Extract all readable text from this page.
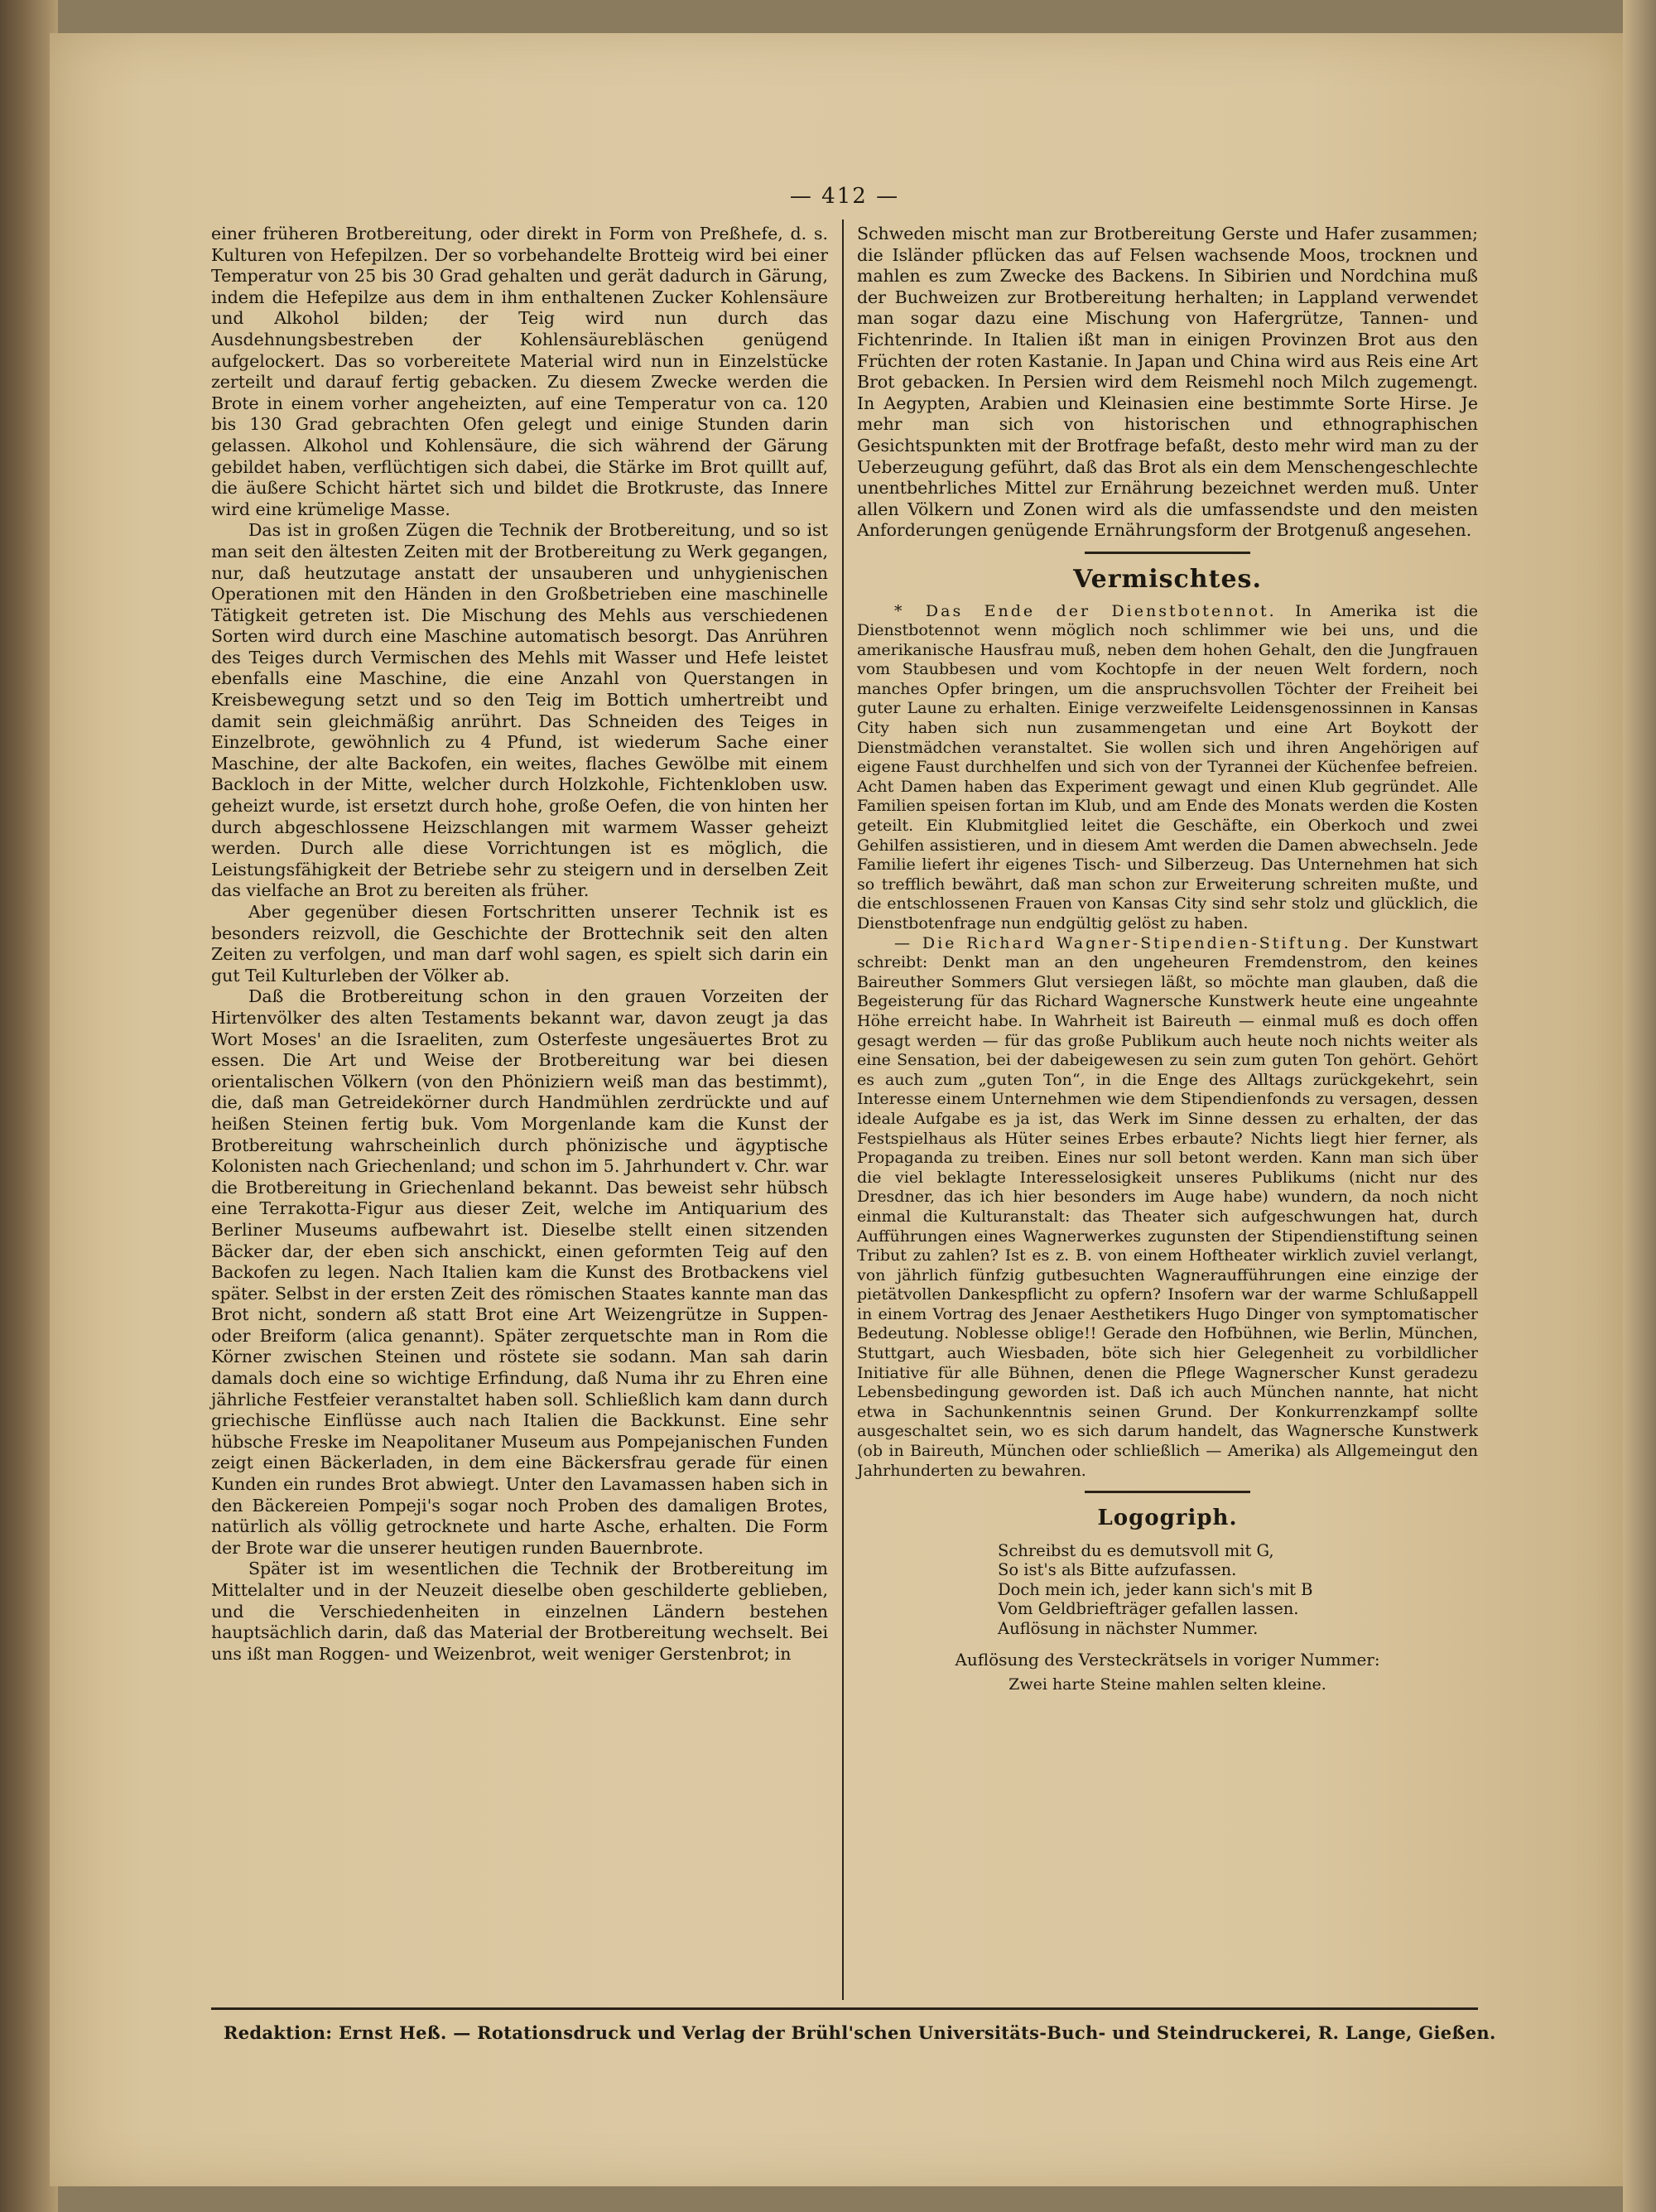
— 412 —

einer früheren Brotbereitung, oder direkt in Form von Preßhefe, d. s. Kulturen von Hefepilzen. Der so vorbehandelte Brotteig wird bei einer Temperatur von 25 bis 30 Grad gehalten und gerät dadurch in Gärung, indem die Hefepilze aus dem in ihm enthaltenen Zucker Kohlensäure und Alkohol bilden; der Teig wird nun durch das Ausdehnungsbestreben der Kohlensäurebläschen genügend aufgelockert. Das so vorbereitete Material wird nun in Einzelstücke zerteilt und darauf fertig gebacken. Zu diesem Zwecke werden die Brote in einem vorher angeheizten, auf eine Temperatur von ca. 120 bis 130 Grad gebrachten Ofen gelegt und einige Stunden darin gelassen. Alkohol und Kohlensäure, die sich während der Gärung gebildet haben, verflüchtigen sich dabei, die Stärke im Brot quillt auf, die äußere Schicht härtet sich und bildet die Brotkruste, das Innere wird eine krümelige Masse.

Das ist in großen Zügen die Technik der Brotbereitung, und so ist man seit den ältesten Zeiten mit der Brotbereitung zu Werk gegangen, nur, daß heutzutage anstatt der unsauberen und unhygienischen Operationen mit den Händen in den Großbetrieben eine maschinelle Tätigkeit getreten ist. Die Mischung des Mehls aus verschiedenen Sorten wird durch eine Maschine automatisch besorgt. Das Anrühren des Teiges durch Vermischen des Mehls mit Wasser und Hefe leistet ebenfalls eine Maschine, die eine Anzahl von Querstangen in Kreisbewegung setzt und so den Teig im Bottich umhertreibt und damit sein gleichmäßig anrührt. Das Schneiden des Teiges in Einzelbrote, gewöhnlich zu 4 Pfund, ist wiederum Sache einer Maschine, der alte Backofen, ein weites, flaches Gewölbe mit einem Backloch in der Mitte, welcher durch Holzkohle, Fichtenkloben usw. geheizt wurde, ist ersetzt durch hohe, große Oefen, die von hinten her durch abgeschlossene Heizschlangen mit warmem Wasser geheizt werden. Durch alle diese Vorrichtungen ist es möglich, die Leistungsfähigkeit der Betriebe sehr zu steigern und in derselben Zeit das vielfache an Brot zu bereiten als früher.

Aber gegenüber diesen Fortschritten unserer Technik ist es besonders reizvoll, die Geschichte der Brottechnik seit den alten Zeiten zu verfolgen, und man darf wohl sagen, es spielt sich darin ein gut Teil Kulturleben der Völker ab.

Daß die Brotbereitung schon in den grauen Vorzeiten der Hirtenvölker des alten Testaments bekannt war, davon zeugt ja das Wort Moses' an die Israeliten, zum Osterfeste ungesäuertes Brot zu essen. Die Art und Weise der Brotbereitung war bei diesen orientalischen Völkern (von den Phöniziern weiß man das bestimmt), die, daß man Getreidekörner durch Handmühlen zerdrückte und auf heißen Steinen fertig buk. Vom Morgenlande kam die Kunst der Brotbereitung wahrscheinlich durch phönizische und ägyptische Kolonisten nach Griechenland; und schon im 5. Jahrhundert v. Chr. war die Brotbereitung in Griechenland bekannt. Das beweist sehr hübsch eine Terrakotta-Figur aus dieser Zeit, welche im Antiquarium des Berliner Museums aufbewahrt ist. Dieselbe stellt einen sitzenden Bäcker dar, der eben sich anschickt, einen geformten Teig auf den Backofen zu legen. Nach Italien kam die Kunst des Brotbackens viel später. Selbst in der ersten Zeit des römischen Staates kannte man das Brot nicht, sondern aß statt Brot eine Art Weizengrütze in Suppen- oder Breiform (alica genannt). Später zerquetschte man in Rom die Körner zwischen Steinen und röstete sie sodann. Man sah darin damals doch eine so wichtige Erfindung, daß Numa ihr zu Ehren eine jährliche Festfeier veranstaltet haben soll. Schließlich kam dann durch griechische Einflüsse auch nach Italien die Backkunst. Eine sehr hübsche Freske im Neapolitaner Museum aus Pompejanischen Funden zeigt einen Bäckerladen, in dem eine Bäckersfrau gerade für einen Kunden ein rundes Brot abwiegt. Unter den Lavamassen haben sich in den Bäckereien Pompeji's sogar noch Proben des damaligen Brotes, natürlich als völlig getrocknete und harte Asche, erhalten. Die Form der Brote war die unserer heutigen runden Bauernbrote.

Später ist im wesentlichen die Technik der Brotbereitung im Mittelalter und in der Neuzeit dieselbe oben geschilderte geblieben, und die Verschiedenheiten in einzelnen Ländern bestehen hauptsächlich darin, daß das Material der Brotbereitung wechselt. Bei uns ißt man Roggen- und Weizenbrot, weit weniger Gerstenbrot; in

Schweden mischt man zur Brotbereitung Gerste und Hafer zusammen; die Isländer pflücken das auf Felsen wachsende Moos, trocknen und mahlen es zum Zwecke des Backens. In Sibirien und Nordchina muß der Buchweizen zur Brotbereitung herhalten; in Lappland verwendet man sogar dazu eine Mischung von Hafergrütze, Tannen- und Fichtenrinde. In Italien ißt man in einigen Provinzen Brot aus den Früchten der roten Kastanie. In Japan und China wird aus Reis eine Art Brot gebacken. In Persien wird dem Reismehl noch Milch zugemengt. In Aegypten, Arabien und Kleinasien eine bestimmte Sorte Hirse. Je mehr man sich von historischen und ethnographischen Gesichtspunkten mit der Brotfrage befaßt, desto mehr wird man zu der Ueberzeugung geführt, daß das Brot als ein dem Menschengeschlechte unentbehrliches Mittel zur Ernährung bezeichnet werden muß. Unter allen Völkern und Zonen wird als die umfassendste und den meisten Anforderungen genügende Ernährungsform der Brotgenuß angesehen.

Vermischtes.

* Das Ende der Dienstbotennot. In Amerika ist die Dienstbotennot wenn möglich noch schlimmer wie bei uns, und die amerikanische Hausfrau muß, neben dem hohen Gehalt, den die Jungfrauen vom Staubbesen und vom Kochtopfe in der neuen Welt fordern, noch manches Opfer bringen, um die anspruchsvollen Töchter der Freiheit bei guter Laune zu erhalten. Einige verzweifelte Leidensgenossinnen in Kansas City haben sich nun zusammengetan und eine Art Boykott der Dienstmädchen veranstaltet. Sie wollen sich und ihren Angehörigen auf eigene Faust durchhelfen und sich von der Tyrannei der Küchenfee befreien. Acht Damen haben das Experiment gewagt und einen Klub gegründet. Alle Familien speisen fortan im Klub, und am Ende des Monats werden die Kosten geteilt. Ein Klubmitglied leitet die Geschäfte, ein Oberkoch und zwei Gehilfen assistieren, und in diesem Amt werden die Damen abwechseln. Jede Familie liefert ihr eigenes Tisch- und Silberzeug. Das Unternehmen hat sich so trefflich bewährt, daß man schon zur Erweiterung schreiten mußte, und die entschlossenen Frauen von Kansas City sind sehr stolz und glücklich, die Dienstbotenfrage nun endgültig gelöst zu haben.

— Die Richard Wagner-Stipendien-Stiftung. Der Kunstwart schreibt: Denkt man an den ungeheuren Fremdenstrom, den keines Baireuther Sommers Glut versiegen läßt, so möchte man glauben, daß die Begeisterung für das Richard Wagnersche Kunstwerk heute eine ungeahnte Höhe erreicht habe. In Wahrheit ist Baireuth — einmal muß es doch offen gesagt werden — für das große Publikum auch heute noch nichts weiter als eine Sensation, bei der dabeigewesen zu sein zum guten Ton gehört. Gehört es auch zum „guten Ton“, in die Enge des Alltags zurückgekehrt, sein Interesse einem Unternehmen wie dem Stipendienfonds zu versagen, dessen ideale Aufgabe es ja ist, das Werk im Sinne dessen zu erhalten, der das Festspielhaus als Hüter seines Erbes erbaute? Nichts liegt hier ferner, als Propaganda zu treiben. Eines nur soll betont werden. Kann man sich über die viel beklagte Interesselosigkeit unseres Publikums (nicht nur des Dresdner, das ich hier besonders im Auge habe) wundern, da noch nicht einmal die Kulturanstalt: das Theater sich aufgeschwungen hat, durch Aufführungen eines Wagnerwerkes zugunsten der Stipendienstiftung seinen Tribut zu zahlen? Ist es z. B. von einem Hoftheater wirklich zuviel verlangt, von jährlich fünfzig gutbesuchten Wagneraufführungen eine einzige der pietätvollen Dankespflicht zu opfern? Insofern war der warme Schlußappell in einem Vortrag des Jenaer Aesthetikers Hugo Dinger von symptomatischer Bedeutung. Noblesse oblige!! Gerade den Hofbühnen, wie Berlin, München, Stuttgart, auch Wiesbaden, böte sich hier Gelegenheit zu vorbildlicher Initiative für alle Bühnen, denen die Pflege Wagnerscher Kunst geradezu Lebensbedingung geworden ist. Daß ich auch München nannte, hat nicht etwa in Sachunkenntnis seinen Grund. Der Konkurrenzkampf sollte ausgeschaltet sein, wo es sich darum handelt, das Wagnersche Kunstwerk (ob in Baireuth, München oder schließlich — Amerika) als Allgemeingut den Jahrhunderten zu bewahren.

Logogriph.
Schreibst du es demutsvoll mit G,
So ist's als Bitte aufzufassen.
Doch mein ich, jeder kann sich's mit B
Vom Geldbriefträger gefallen lassen.
Auflösung in nächster Nummer.
Auflösung des Versteckrätsels in voriger Nummer:
Zwei harte Steine mahlen selten kleine.
Redaktion: Ernst Heß. — Rotationsdruck und Verlag der Brühl'schen Universitäts-Buch- und Steindruckerei, R. Lange, Gießen.
